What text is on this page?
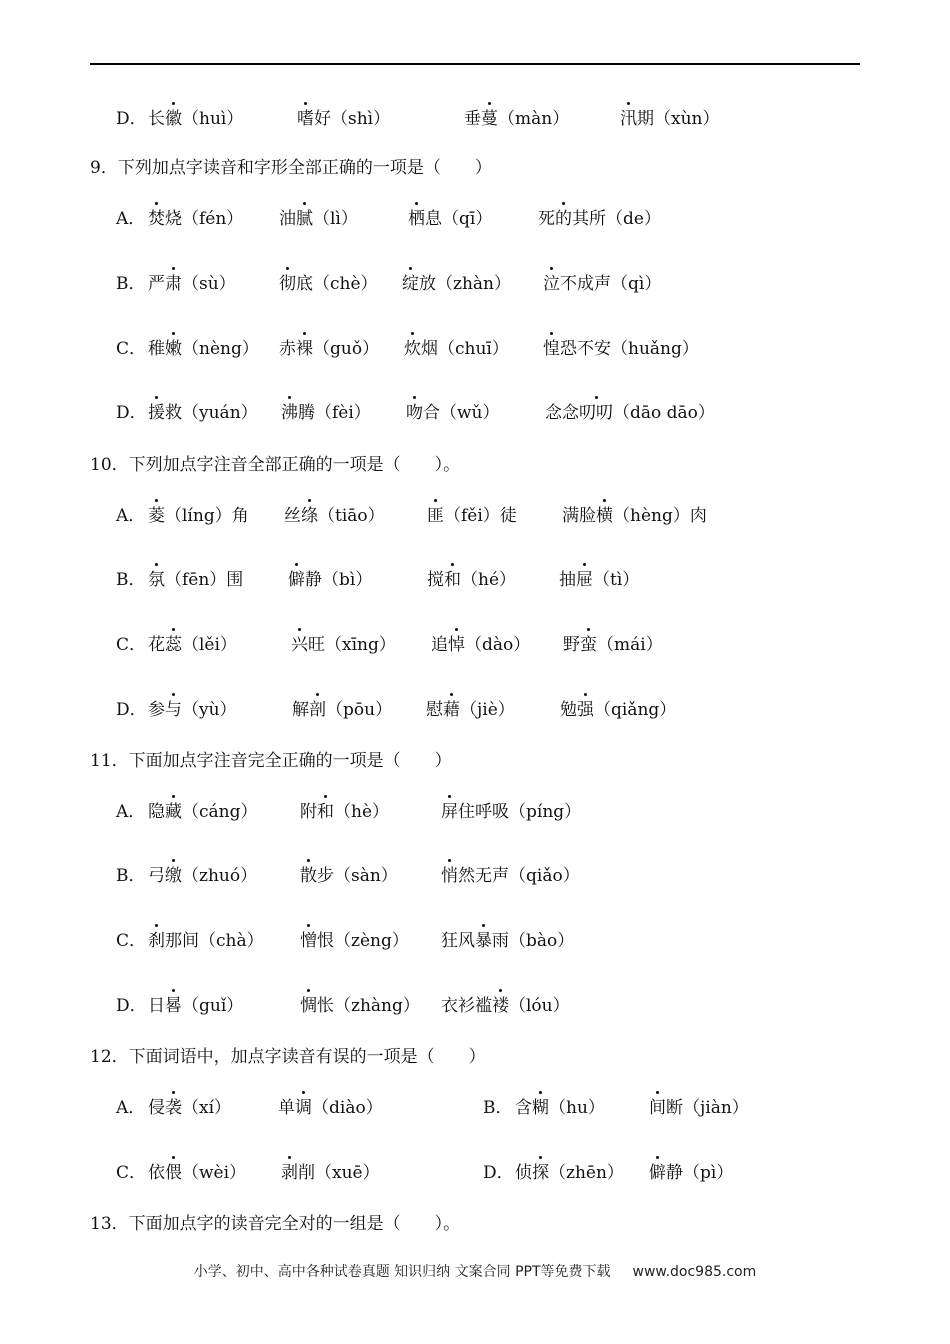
D． 长徽（huì）	嗜好（shì）	垂蔓（màn）	汛期（xùn）
9．下列加点字读音和字形全部正确的一项是（　　）
A． 焚烧（fén） 油腻（lì）	栖息（qī）	死的其所（de）
B． 严肃（sù）	彻底（chè） 绽放（zhàn） 泣不成声（qì）
C． 稚嫩（nèng） 赤裸（guǒ） 炊烟（chuī） 惶恐不安（huǎng）
D． 援救（yuán） 沸腾（fèi） 吻合（wǔ）	念念叨叨（dāo dāo）
10．下列加点字注音全部正确的一项是（　　）。
A． 菱（líng）角 丝绦（tiāo） 匪（fěi）徒	满脸横（hèng）肉
B． 氛（fēn）围	僻静（bì）	搅和（hé）	抽屉（tì）
C． 花蕊（lěi）	兴旺（xīng） 追悼（dào） 野蛮（mái）
D． 参与（yù）	解剖（pōu） 慰藉（jiè）	勉强（qiǎng）
11．下面加点字注音完全正确的一项是（　　）
A． 隐藏（cáng）	附和（hè）	屏住呼吸（píng）
B． 弓缴（zhuó）	散步（sàn）	悄然无声（qiǎo）
C． 刹那间（chà） 憎恨（zèng） 狂风暴雨（bào）
D． 日晷（guǐ）	惆怅（zhàng） 衣衫褴褛（lóu）
12．下面词语中，加点字读音有误的一项是（　　）
A． 侵袭（xí）	单调（diào）	B． 含糊（hu）	间断（jiàn）
C． 依偎（wèi） 剥削（xuē）	D． 侦探（zhēn） 僻静（pì）
13．下面加点字的读音完全对的一组是（　　）。
小学、初中、高中各种试卷真题 知识归纳 文案合同 PPT等免费下载 www.doc985.com
